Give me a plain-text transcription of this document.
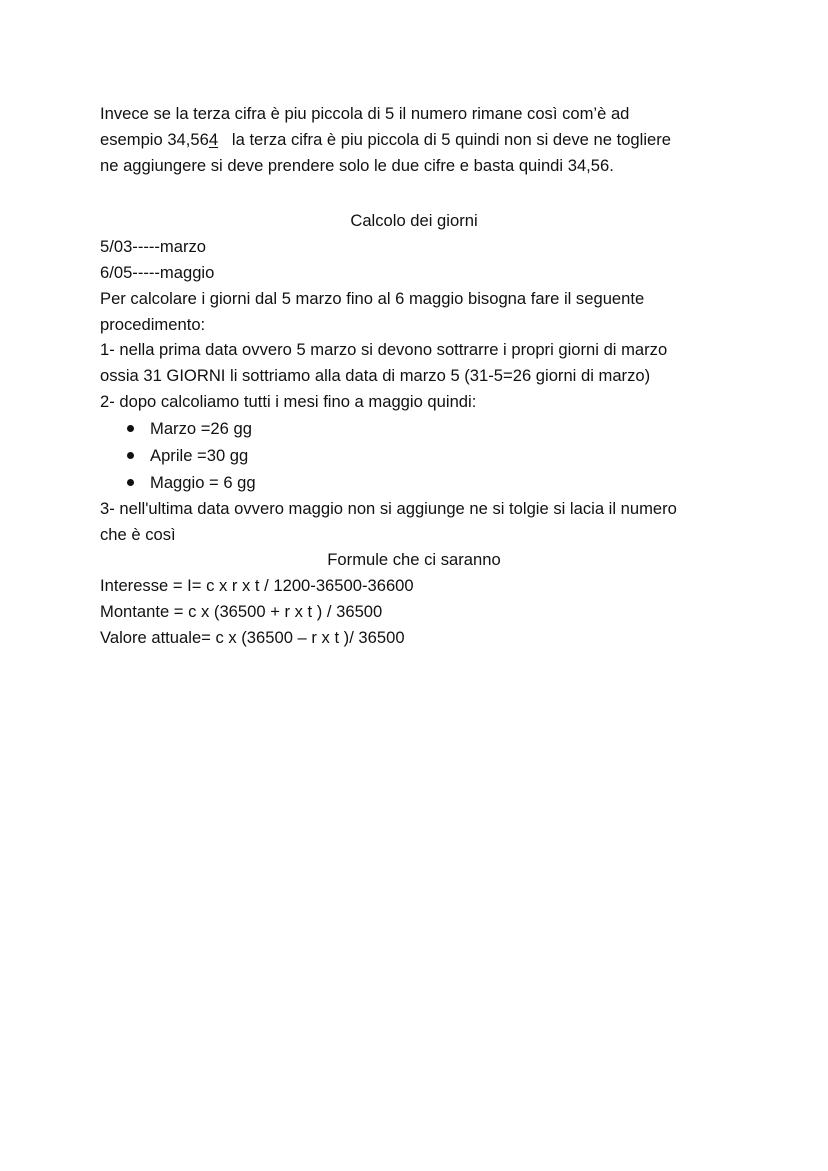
Invece se la terza cifra è piu piccola di 5 il numero rimane così com’è ad

esempio 34,564   la terza cifra è piu piccola di 5 quindi non si deve ne togliere

ne aggiungere si deve prendere solo le due cifre e basta quindi 34,56.

Calcolo dei giorni

5/03-----marzo

6/05-----maggio

Per calcolare i giorni dal 5 marzo fino al 6 maggio bisogna fare il seguente

procedimento:

1- nella prima data ovvero 5 marzo si devono sottrarre i propri giorni di marzo

ossia 31 GIORNI li sottriamo alla data di marzo 5 (31-5=26 giorni di marzo)

2- dopo calcoliamo tutti i mesi fino a maggio quindi:

Marzo =26 gg
Aprile =30 gg
Maggio = 6 gg

3- nell'ultima data ovvero maggio non si aggiunge ne si tolgie si lacia il numero

che è così

Formule che ci saranno

Interesse = I= c x r x t / 1200-36500-36600

Montante = c x (36500 + r x t ) / 36500

Valore attuale= c x (36500 – r x t )/ 36500
